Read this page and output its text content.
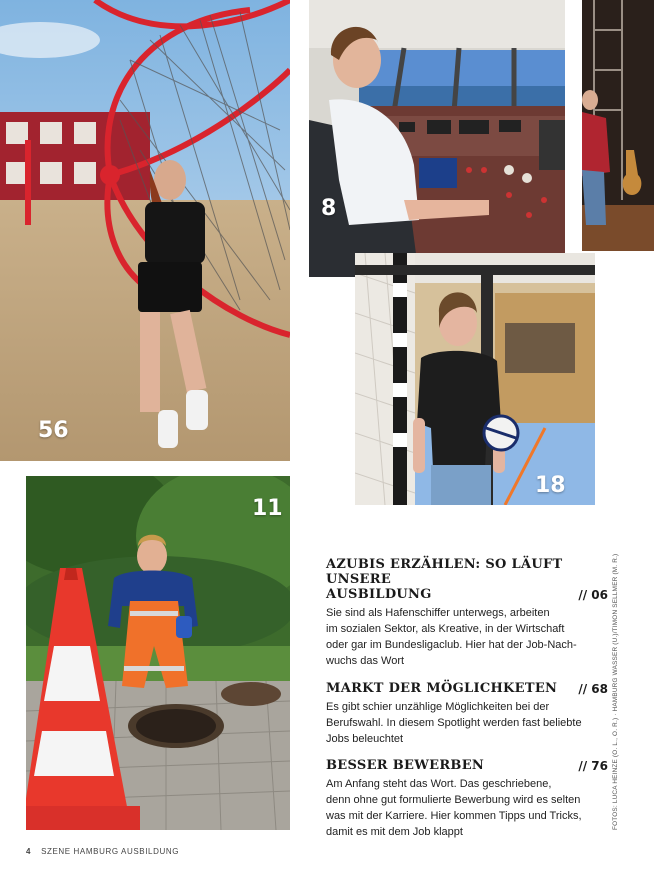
56
8
18
11
AZUBIS ERZÄHLEN: SO LÄUFT UNSERE
AUSBILDUNG	// 06

Sie sind als Hafenschiffer unterwegs, arbeiten
im sozialen Sektor, als Kreative, in der Wirtschaft
oder gar im Bundesligaclub. Hier hat der Job-Nach-
wuchs das Wort

MARKT DER MÖGLICHKETEN // 68

Es gibt schier unzählige Möglichkeiten bei der
Berufswahl. In diesem Spotlight werden fast beliebte
Jobs beleuchtet

BESSER BEWERBEN	// 76

Am Anfang steht das Wort. Das geschriebene,
denn ohne gut formulierte Bewerbung wird es selten
was mit der Karriere. Hier kommen Tipps und Tricks,
damit es mit dem Job klappt

FOTOS: LUCA HEINZE (O. L., O. R.) · HAMBURG WASSER (U.)/TIMON SELLMER (M. R.)
4 SZENE HAMBURG AUSBILDUNG
